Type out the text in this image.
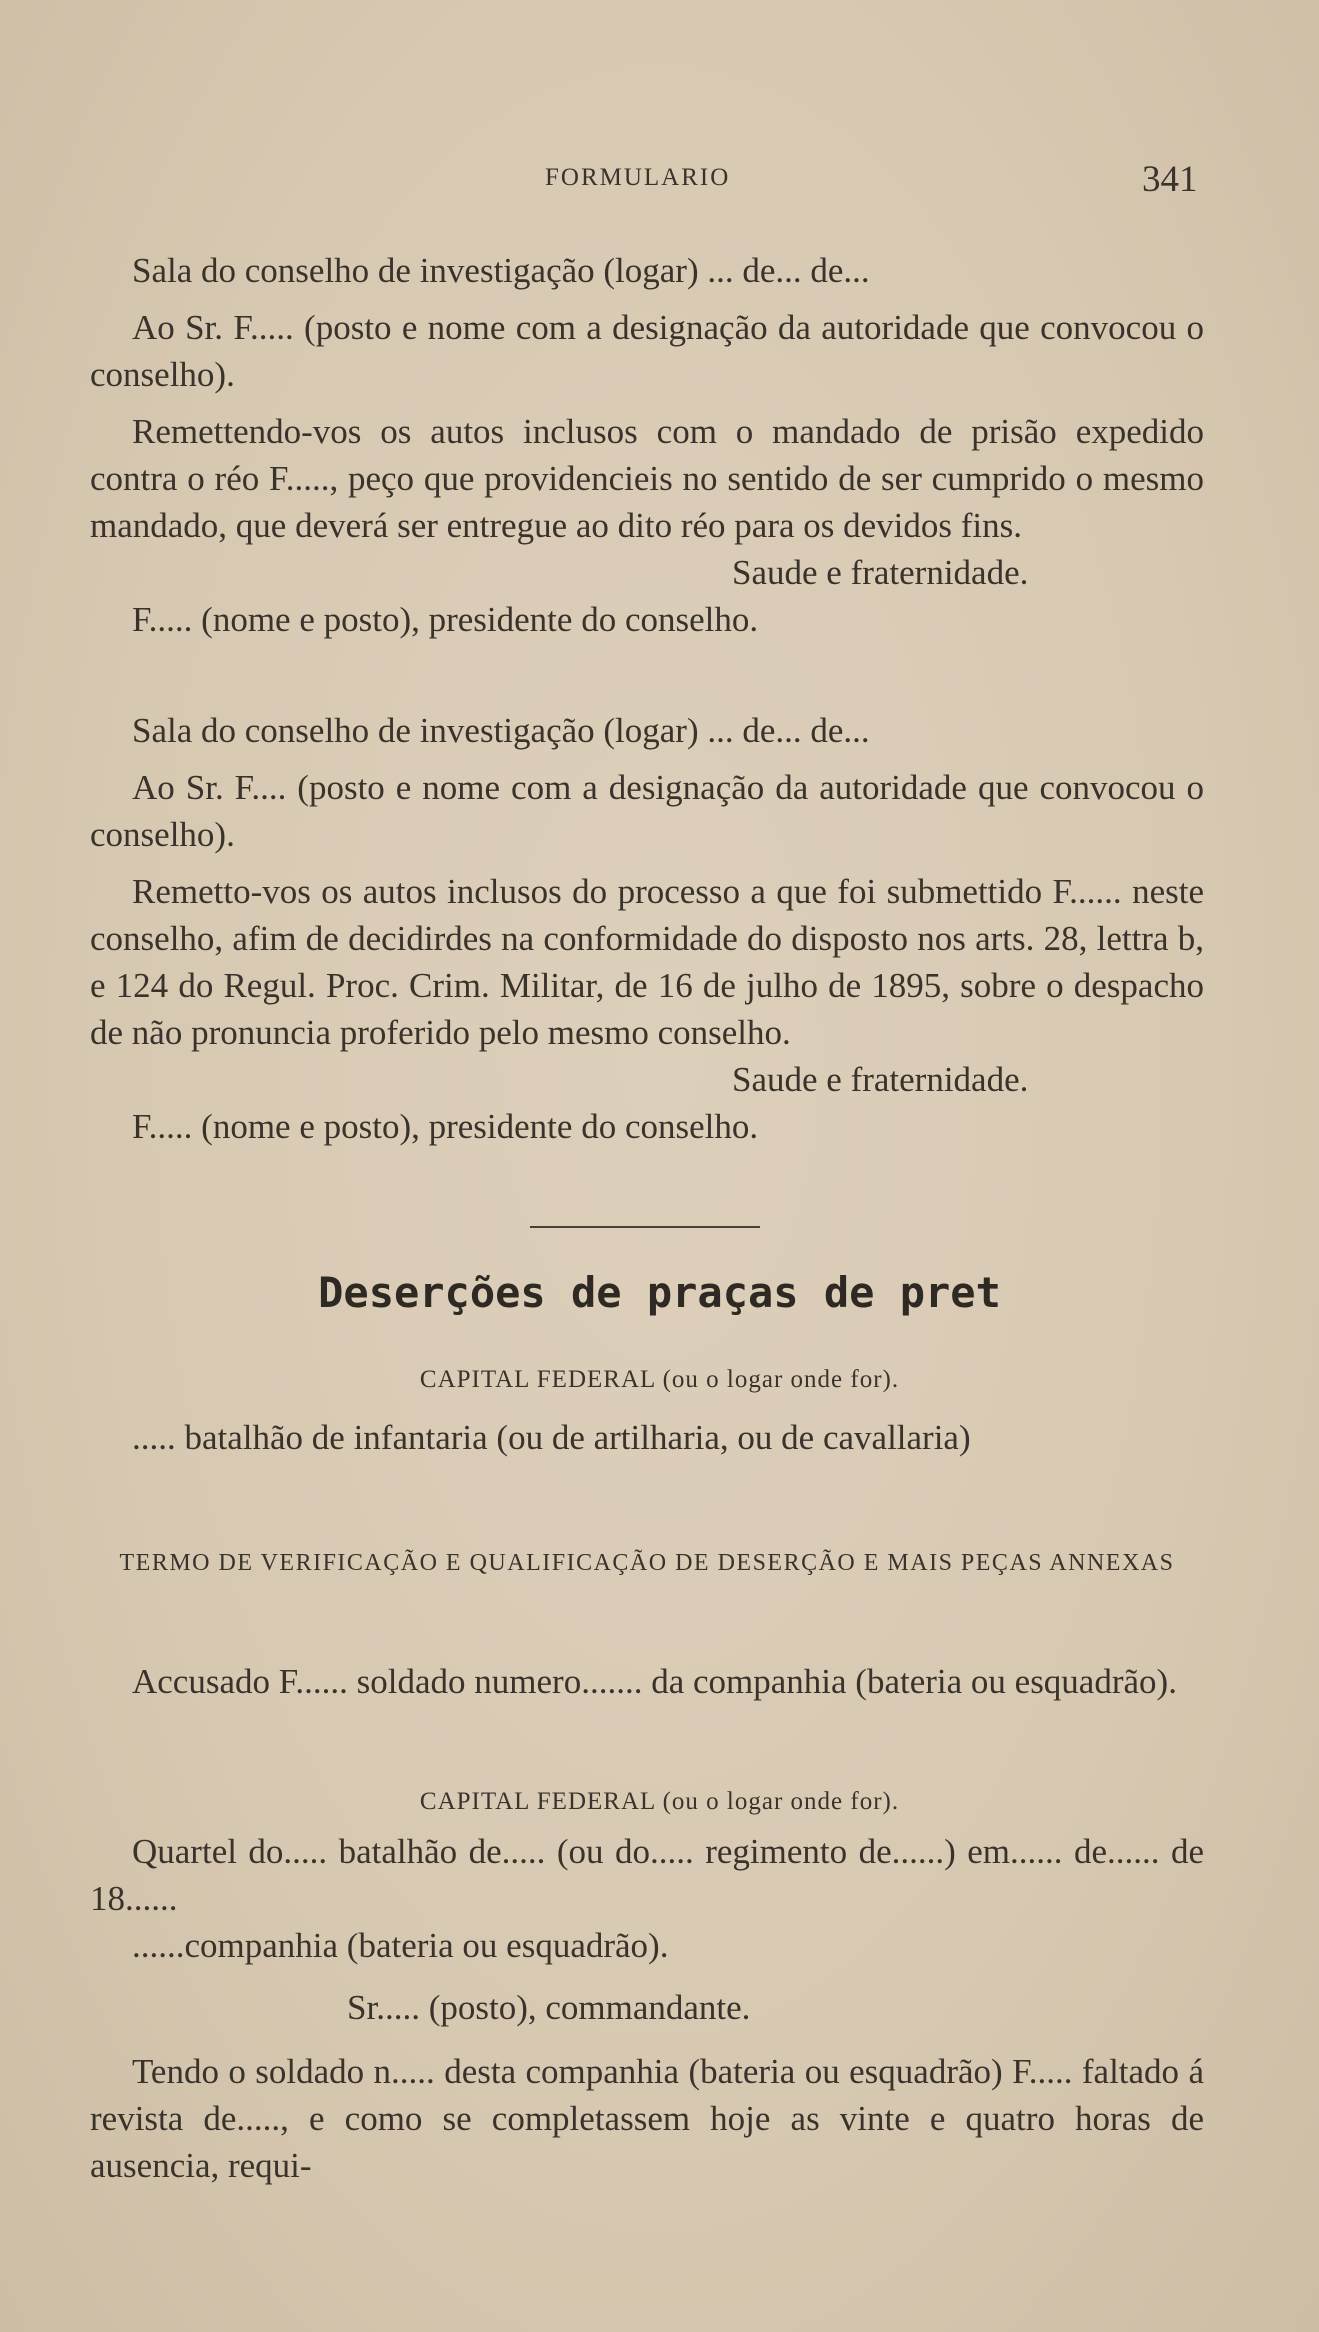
FORMULARIO	341

Sala do conselho de investigação (logar) ... de... de...

Ao Sr. F..... (posto e nome com a designação da autoridade que convocou o conselho).

Remettendo-vos os autos inclusos com o mandado de prisão expedido contra o réo F....., peço que providencieis no sentido de ser cumprido o mesmo mandado, que deverá ser entregue ao dito réo para os devidos fins.

Saude e fraternidade.

F..... (nome e posto), presidente do conselho.

Sala do conselho de investigação (logar) ... de... de...

Ao Sr. F.... (posto e nome com a designação da autoridade que convocou o conselho).

Remetto-vos os autos inclusos do processo a que foi submettido F...... neste conselho, afim de decidirdes na conformidade do disposto nos arts. 28, lettra b, e 124 do Regul. Proc. Crim. Militar, de 16 de julho de 1895, sobre o despacho de não pronuncia proferido pelo mesmo conselho.

Saude e fraternidade.

F..... (nome e posto), presidente do conselho.

Deserções de praças de pret
CAPITAL FEDERAL (ou o logar onde for).

..... batalhão de infantaria (ou de artilharia, ou de cavallaria)

TERMO DE VERIFICAÇÃO E QUALIFICAÇÃO DE DESERÇÃO E MAIS PEÇAS ANNEXAS

Accusado F...... soldado numero....... da companhia (bateria ou esquadrão).

CAPITAL FEDERAL (ou o logar onde for).

Quartel do..... batalhão de..... (ou do..... regimento de......) em...... de...... de 18......

......companhia (bateria ou esquadrão).

Sr..... (posto), commandante.

Tendo o soldado n..... desta companhia (bateria ou esquadrão) F..... faltado á revista de....., e como se completassem hoje as vinte e quatro horas de ausencia, requi-
